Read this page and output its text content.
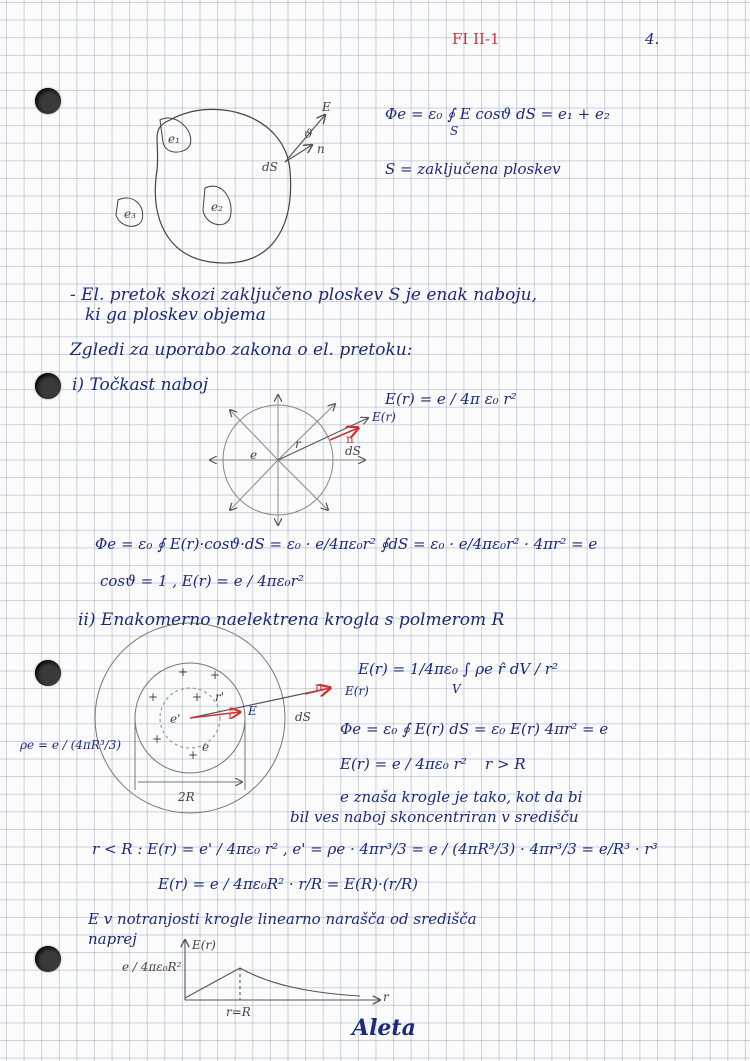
FI II-1	4.
Φe = ε₀ ∮ E cosϑ dS = e₁ + e₂
S
S = zaključena ploskev
E
n
ϑ
dS
e₁
e₂
e₃
- El. pretok skozi zaključeno ploskev S je enak naboju,
ki ga ploskev objema
Zgledi za uporabo zakona o el. pretoku:
i) Točkast naboj
E(r) = e / 4π ε₀ r²
e
r	n
E(r)
dS
Φe = ε₀ ∮ E(r)·cosϑ·dS = ε₀ · e/4πε₀r² ∮dS = ε₀ · e/4πε₀r² · 4πr² = e
cosϑ = 1 , E(r) = e / 4πε₀r²
ii) Enakomerno naelektrena krogla s polmerom R
E(r) = 1/4πε₀ ∫ ρe r̂ dV / r²
V
Φe = ε₀ ∮ E(r) dS = ε₀ E(r) 4πr² = e
E(r) = e / 4πε₀ r² r > R
e znaša krogle je tako, kot da bi
bil ves naboj skoncentriran v središču
ρe = e / (4πR³/3)
+ +
+	+
+
+
r'
e'
e
r̂ E
E(r)
n
dS
2R
r < R : E(r) = e' / 4πε₀ r² , e' = ρe · 4πr³/3 = e / (4πR³/3) · 4πr³/3 = e/R³ · r³
E(r) = e / 4πε₀R² · r/R = E(R)·(r/R)
E v notranjosti krogle linearno narašča od središča
naprej	E(r)
e / 4πε₀R²
r
r=R
Aleta
